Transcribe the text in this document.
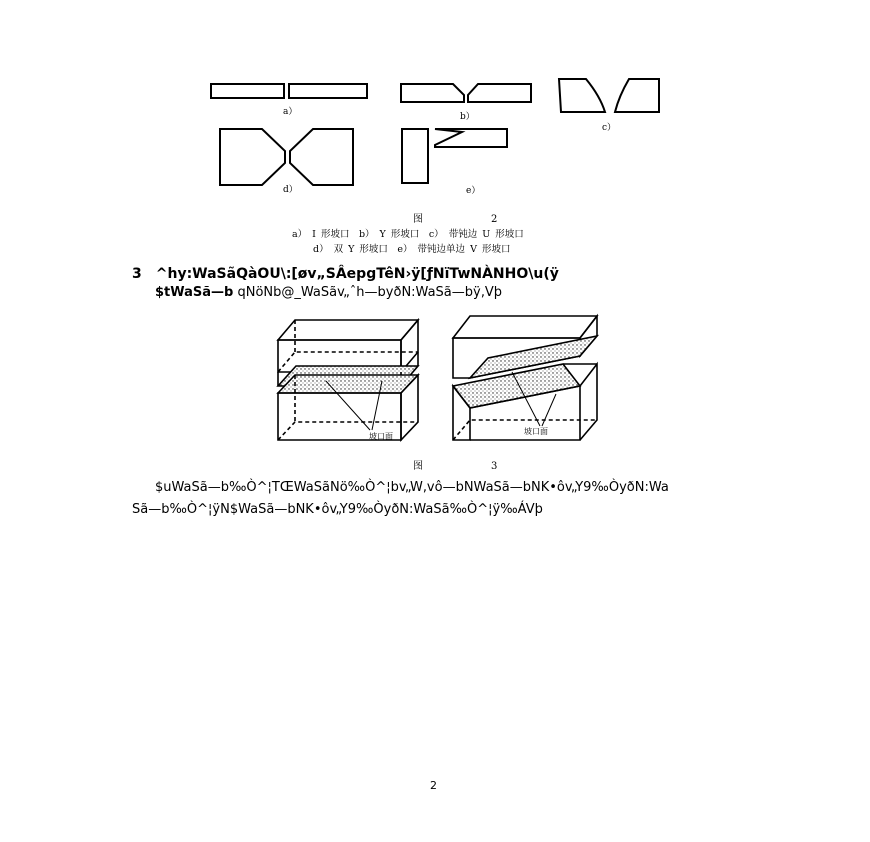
a）	b）
c）
d）	e）
图　　2
a） I 形坡口　b） Y 形坡口　c） 带钝边 U 形坡口
d） 双 Y 形坡口　e） 带钝边单边 V 形坡口
3　^hy:WaSãQàOU\:[øv„SÂepgTêN›ÿ[ƒNïTwNÀNHO\u(ÿ
$tWaSã—b qNöNb@_WaSãv„ˆh—byðN:WaSã—bÿ‚Vþ
坡口面
坡口面
图　　3
$uWaSã—b‰Ò^¦TŒWaSãNö‰Ò^¦bv„W‚vô—bNWaSã—bNK•ôv„Y9‰ÒyðN:Wa
Sã—b‰Ò^¦ÿN$WaSã—bNK•ôv„Y9‰ÒyðN:WaSã‰Ò^¦ÿ‰ÁVþ
2
